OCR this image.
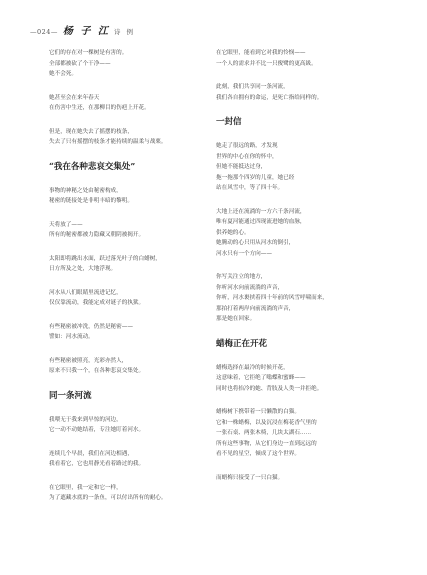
—024— 杨 子 江 诗 例
它们的存在对一棵树是有害的。
全部都被砍了个干净——
她不会死。
她甚至会在来年春天
在伤害中生还，在那柳目的伤疤上开花。
但是，现在她失去了摇摆的枝条，
失去了只有摇摆的枝条才能持续的温柔与战栗。
“我在各种悲哀交集处”
事物的神秘之处由秘密构成，
秘密的链接处是非明丰暗的黎明。
天将放了——
所有的秘密都被力隐藏又朝阴被揭开。
太阳即将跳出水面，跃过落光叶子的白蜡树，
日方所及之处，大地浮现。
河水从八们眼睛里流进记忆，
仅仅靠流动，我能定成对谜子的执狱。
有些秘密被冲洗，仍然是秘密——
譬如：河水流动。
有些秘密被照亮，光彩亦然人，
原来不只我一个，在各种悲哀交集处。
同一条河流
我喂无于我来到早惊的河边，
它一动不动她结着，专注她盯着河水。
连续几个早晨，我们在河边相遇，
我看着它，它也用静光看着路过的我。
在它眼里，我一定和它一样，
为了遮藏水底的一条鱼，可以付出所有的耐心。
在它眼里，能看到它对我的怜悯——
一个人的需求并不比一只俊鹭的更高級。
此刻，我们共享同一条河流，
我们各自拥有的命运，是死亡指给同样的。
一封信
她走了很远的路，才发现
世界的中心在你的怀中，
但她不能抵达过身，
拖一拖那个四岁的儿童，她已经
站在风雪中，等了四十年。
大地上还在流淌的一方六千条河流，
唯有夏河能通过四现流进她的血脉，
供养她的心。
她腾动的心只用从河水的倒引，
河水只有一个方向——
你写关注立的地方，
你听河水向前流淌的声音，
你听，河水裹挟着四十年前的风雪呼啸而来，
那拍打着两岸向前流淌的声音，
那是她在回家。
蜡梅正在开花
蜡梅选择在最冷的时候开花，
这意味着，它拒绝了嗡蝶和蜜蜂——
同时也将抬冷的她、背肢及人类一并拒绝。
蜡梅树下携带着一只懒散的白猫。
它和一株蜡梅，以及沉浸在梅花香气里的
一张石桌、两张木椅，几块太湖石……
所有这些事物，从它们身边一直到远远的
看不见的星空，倾成了这个世界。
而蜡梅只接受了一只白猫。
